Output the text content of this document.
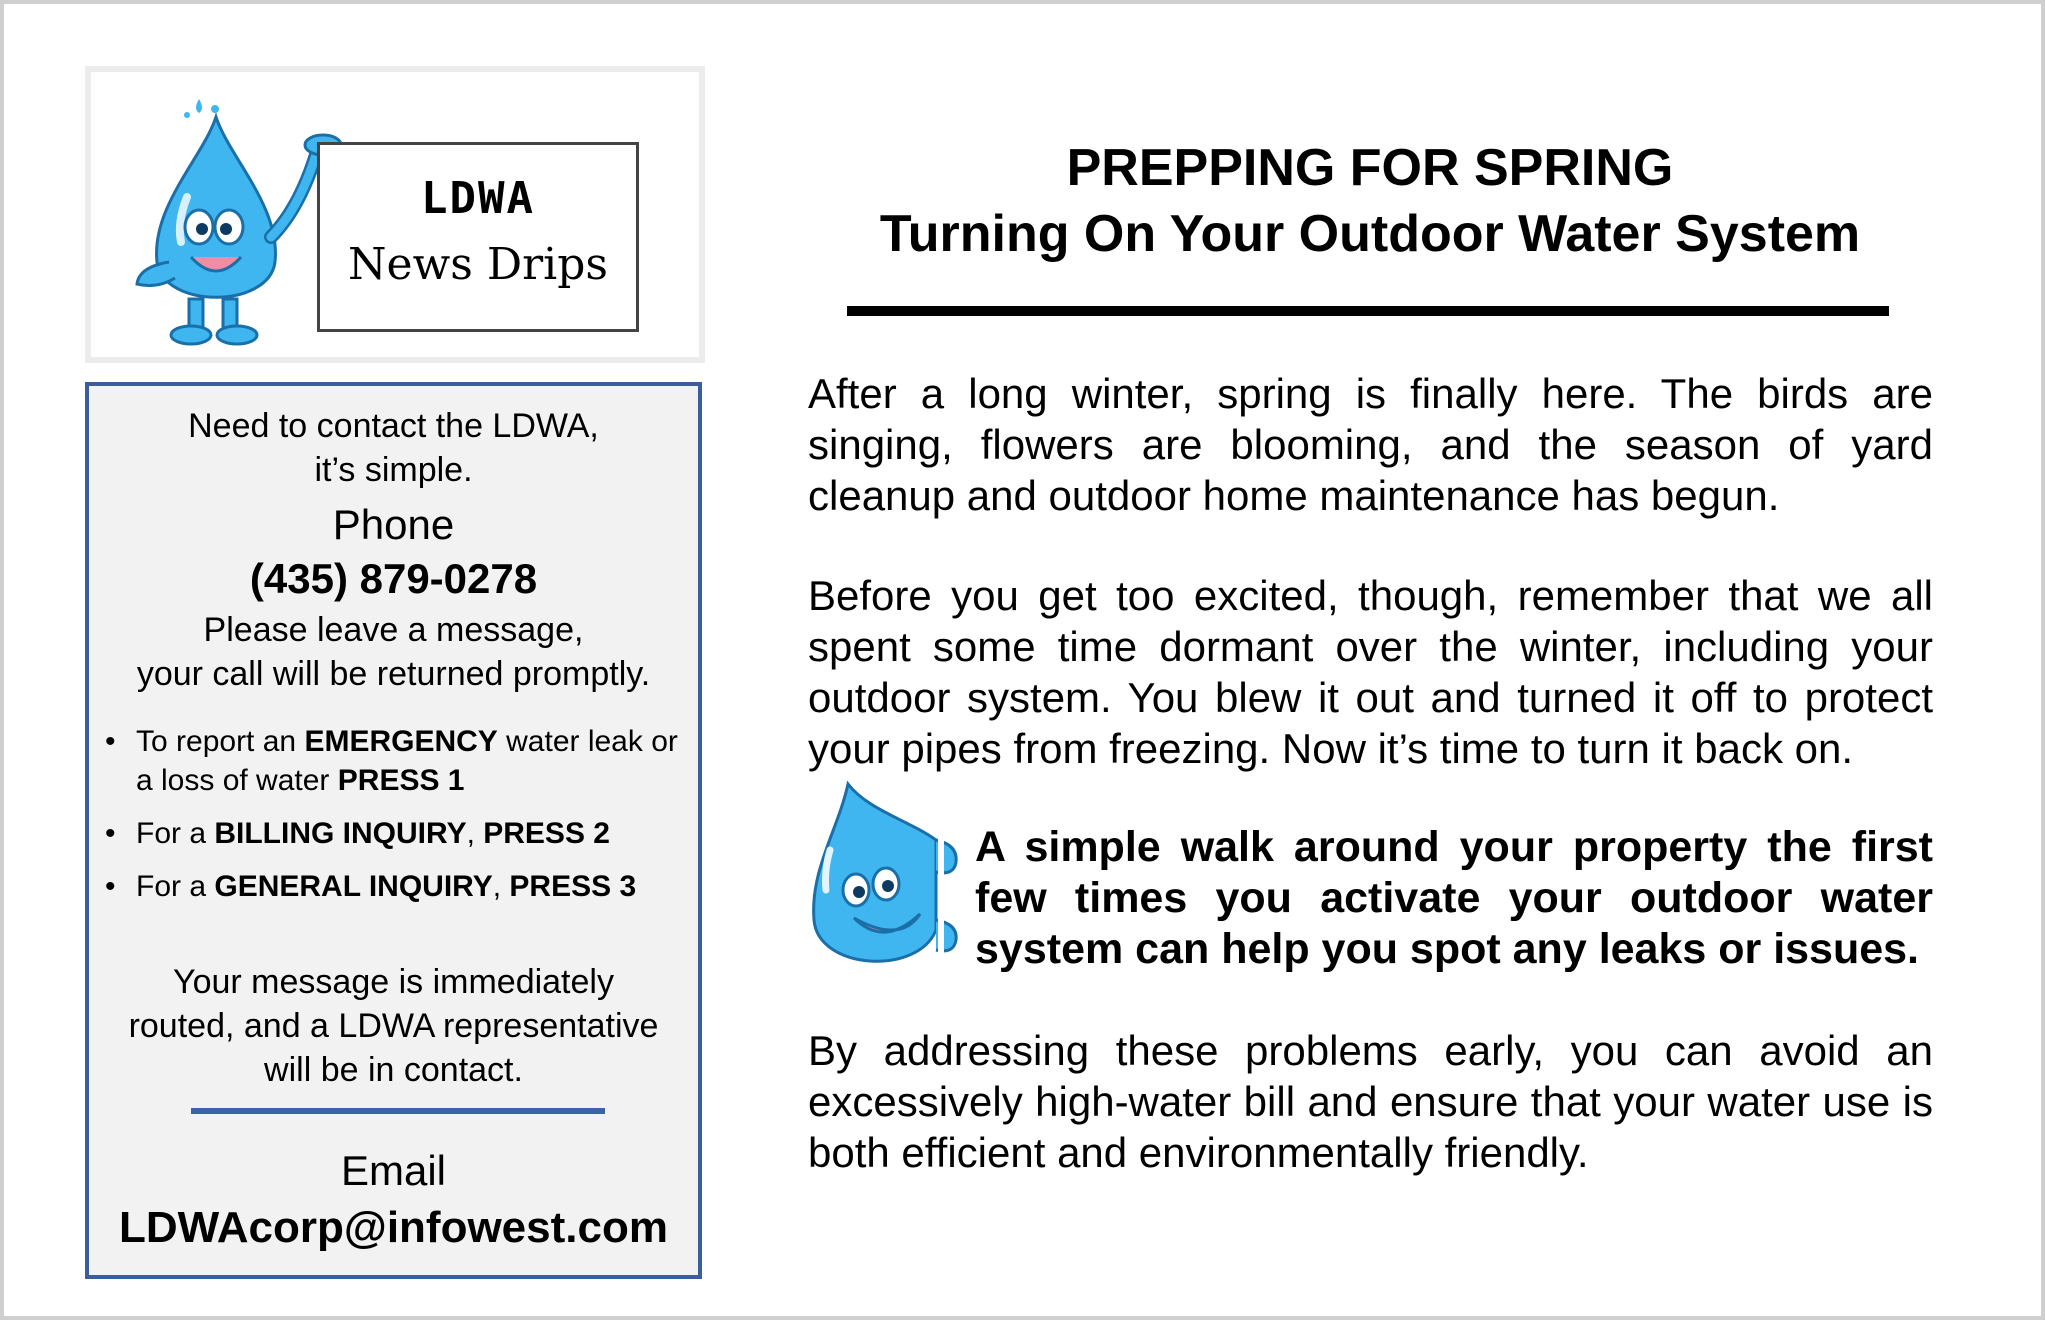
LDWA
News Drips
Need to contact the LDWA,
it’s simple.
Phone
(435) 879-0278
Please leave a message,
your call will be returned promptly.
• To report an EMERGENCY water leak or a loss of water PRESS 1
• For a BILLING INQUIRY, PRESS 2
• For a GENERAL INQUIRY, PRESS 3
Your message is immediately
routed, and a LDWA representative
will be in contact.
Email
LDWAcorp@infowest.com
PREPPING FOR SPRING
Turning On Your Outdoor Water System

After a long winter, spring is finally here. The birds are singing, flowers are blooming, and the season of yard cleanup and outdoor home maintenance has begun.

Before you get too excited, though, remember that we all spent some time dormant over the winter, including your outdoor system. You blew it out and turned it off to protect your pipes from freezing. Now it’s time to turn it back on.

A simple walk around your property the first few times you activate your outdoor water system can help you spot any leaks or issues.

By addressing these problems early, you can avoid an excessively high-water bill and ensure that your water use is both efficient and environmentally friendly.
